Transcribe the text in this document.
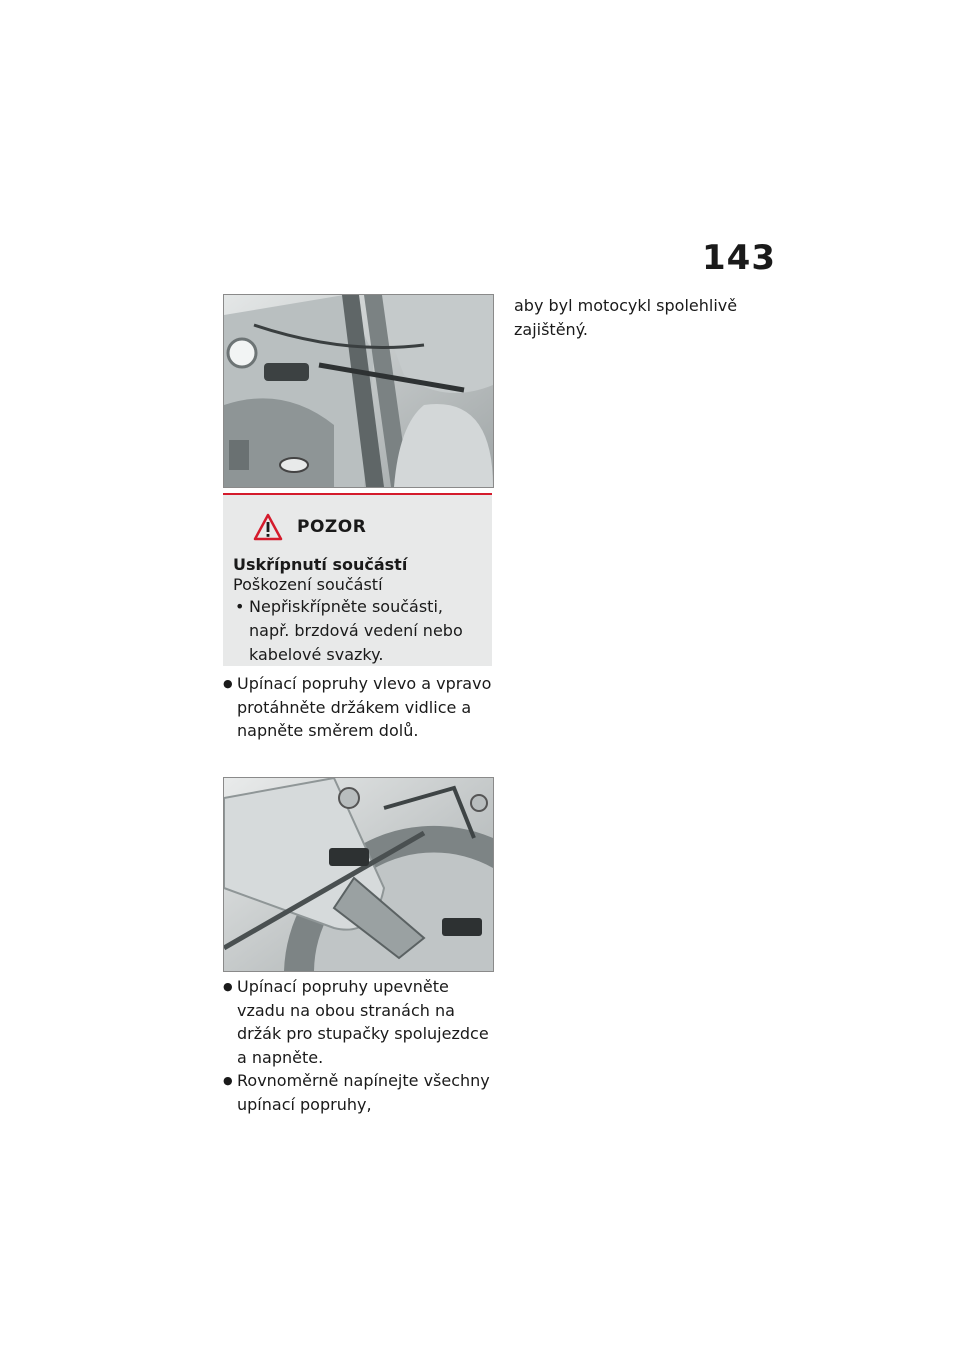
143
POZOR
Uskřípnutí součástí
Poškození součástí
• Nepřiskřípněte součásti, např. brzdová vedení nebo kabelové svazky.
● Upínací popruhy vlevo a vpravo protáhněte držákem vidlice a napněte směrem dolů.
● Upínací popruhy upevněte vzadu na obou stranách na držák pro stupačky spolujezdce a napněte.
● Rovnoměrně napínejte všechny upínací popruhy,
aby byl motocykl spolehlivě zajištěný.
